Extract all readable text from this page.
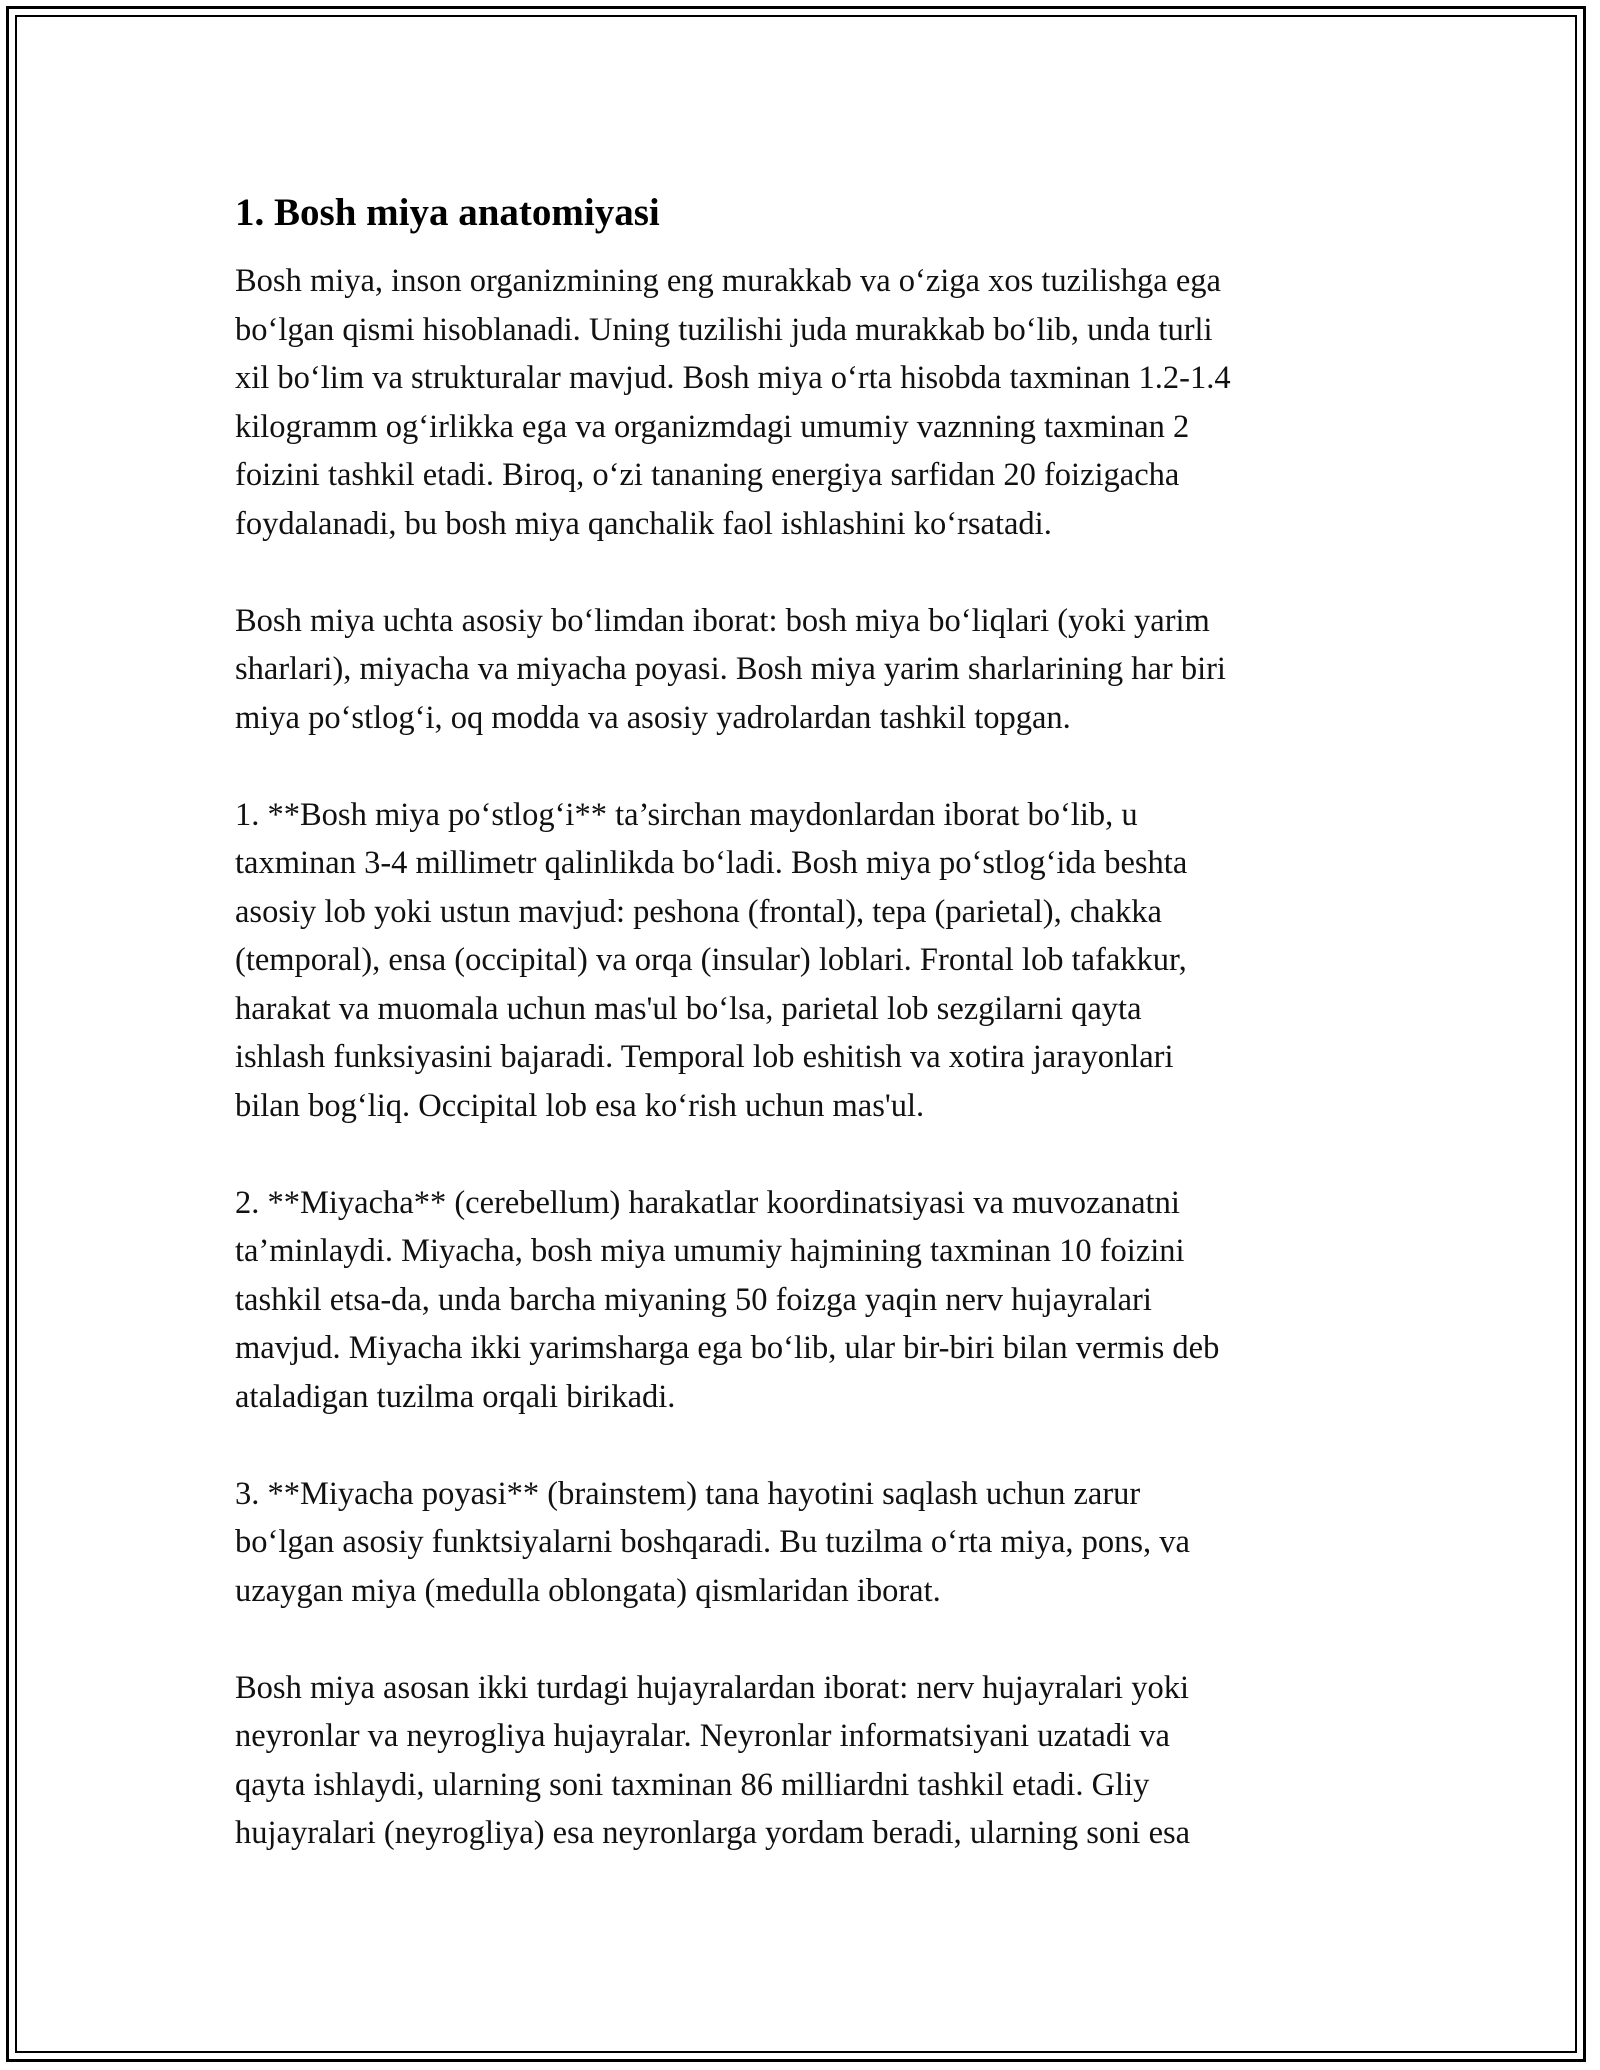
1. Bosh miya anatomiyasi

Bosh miya, inson organizmining eng murakkab va o‘ziga xos tuzilishga ega
bo‘lgan qismi hisoblanadi. Uning tuzilishi juda murakkab bo‘lib, unda turli
xil bo‘lim va strukturalar mavjud. Bosh miya o‘rta hisobda taxminan 1.2-1.4
kilogramm og‘irlikka ega va organizmdagi umumiy vaznning taxminan 2
foizini tashkil etadi. Biroq, o‘zi tananing energiya sarfidan 20 foizigacha
foydalanadi, bu bosh miya qanchalik faol ishlashini ko‘rsatadi.

Bosh miya uchta asosiy bo‘limdan iborat: bosh miya bo‘liqlari (yoki yarim
sharlari), miyacha va miyacha poyasi. Bosh miya yarim sharlarining har biri
miya po‘stlog‘i, oq modda va asosiy yadrolardan tashkil topgan.

1. **Bosh miya po‘stlog‘i** ta’sirchan maydonlardan iborat bo‘lib, u
taxminan 3-4 millimetr qalinlikda bo‘ladi. Bosh miya po‘stlog‘ida beshta
asosiy lob yoki ustun mavjud: peshona (frontal), tepa (parietal), chakka
(temporal), ensa (occipital) va orqa (insular) loblari. Frontal lob tafakkur,
harakat va muomala uchun mas'ul bo‘lsa, parietal lob sezgilarni qayta
ishlash funksiyasini bajaradi. Temporal lob eshitish va xotira jarayonlari
bilan bog‘liq. Occipital lob esa ko‘rish uchun mas'ul.

2. **Miyacha** (cerebellum) harakatlar koordinatsiyasi va muvozanatni
ta’minlaydi. Miyacha, bosh miya umumiy hajmining taxminan 10 foizini
tashkil etsa-da, unda barcha miyaning 50 foizga yaqin nerv hujayralari
mavjud. Miyacha ikki yarimsharga ega bo‘lib, ular bir-biri bilan vermis deb
ataladigan tuzilma orqali birikadi.

3. **Miyacha poyasi** (brainstem) tana hayotini saqlash uchun zarur
bo‘lgan asosiy funktsiyalarni boshqaradi. Bu tuzilma o‘rta miya, pons, va
uzaygan miya (medulla oblongata) qismlaridan iborat.

Bosh miya asosan ikki turdagi hujayralardan iborat: nerv hujayralari yoki
neyronlar va neyrogliya hujayralar. Neyronlar informatsiyani uzatadi va
qayta ishlaydi, ularning soni taxminan 86 milliardni tashkil etadi. Gliy
hujayralari (neyrogliya) esa neyronlarga yordam beradi, ularning soni esa
